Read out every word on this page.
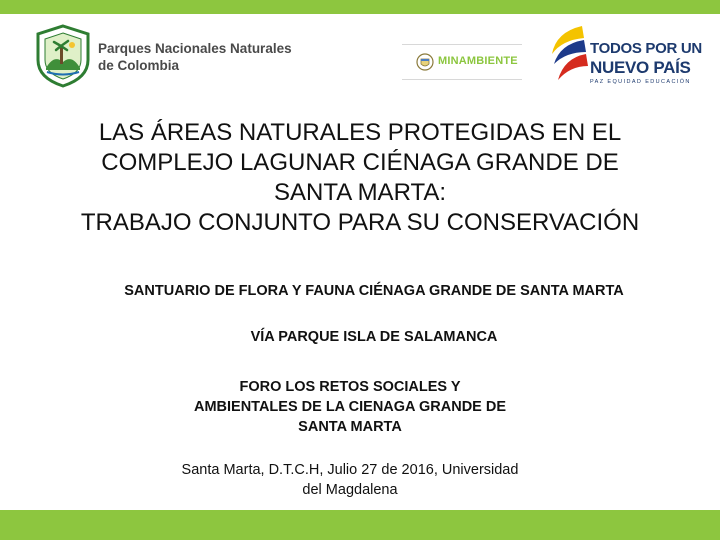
Parques Nacionales Naturales
de Colombia	MINAMBIENTE
TODOS POR UN
NUEVO PAÍS
PAZ EQUIDAD EDUCACIÓN
LAS ÁREAS NATURALES PROTEGIDAS EN EL
COMPLEJO LAGUNAR CIÉNAGA GRANDE DE
SANTA MARTA:
TRABAJO CONJUNTO PARA SU CONSERVACIÓN
SANTUARIO DE FLORA Y FAUNA CIÉNAGA GRANDE DE SANTA MARTA
VÍA PARQUE ISLA DE SALAMANCA
FORO LOS RETOS SOCIALES Y
AMBIENTALES DE LA CIENAGA GRANDE DE
SANTA MARTA
Santa Marta, D.T.C.H, Julio 27 de 2016, Universidad
del Magdalena
